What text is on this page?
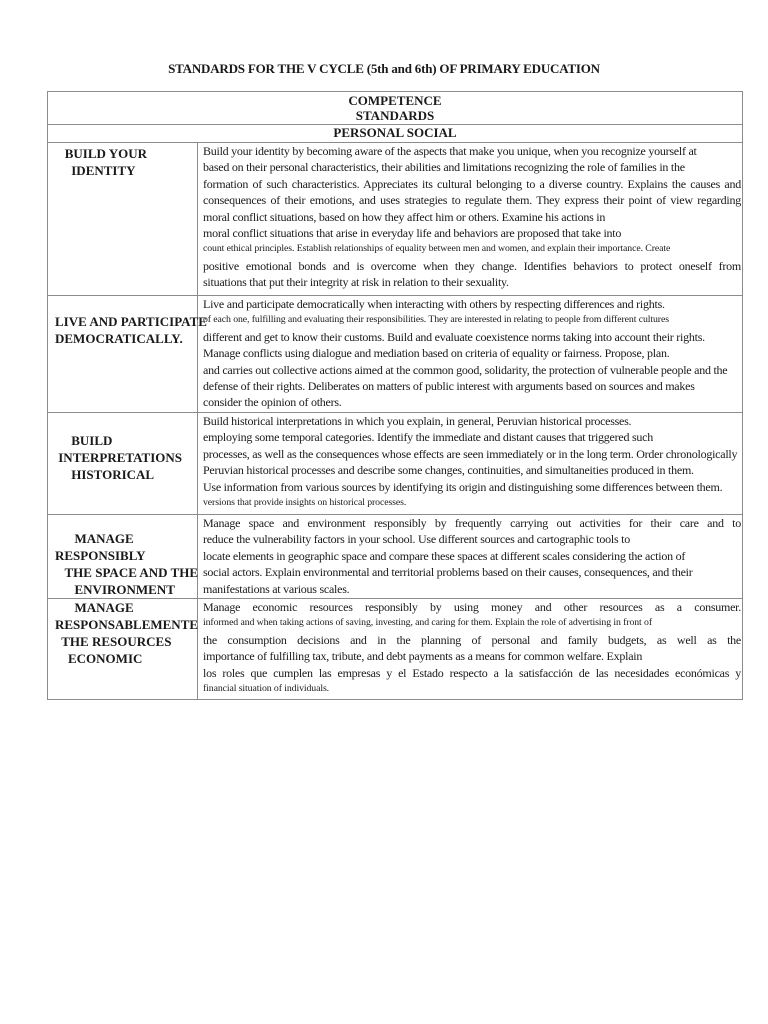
STANDARDS FOR THE V CYCLE (5th and 6th) OF PRIMARY EDUCATION
COMPETENCE
STANDARDS
PERSONAL SOCIAL
BUILD YOUR
IDENTITY
Build your identity by becoming aware of the aspects that make you unique, when you recognize yourself at
based on their personal characteristics, their abilities and limitations recognizing the role of families in the
formation of such characteristics. Appreciates its cultural belonging to a diverse country. Explains the causes and
consequences of their emotions, and uses strategies to regulate them. They express their point of view regarding
moral conflict situations, based on how they affect him or others. Examine his actions in
moral conflict situations that arise in everyday life and behaviors are proposed that take into
count ethical principles. Establish relationships of equality between men and women, and explain their importance. Create
positive emotional bonds and is overcome when they change. Identifies behaviors to protect oneself from
situations that put their integrity at risk in relation to their sexuality.
LIVE AND PARTICIPATE
DEMOCRATICALLY.
Live and participate democratically when interacting with others by respecting differences and rights.
of each one, fulfilling and evaluating their responsibilities. They are interested in relating to people from different cultures
different and get to know their customs. Build and evaluate coexistence norms taking into account their rights.
Manage conflicts using dialogue and mediation based on criteria of equality or fairness. Propose, plan.
and carries out collective actions aimed at the common good, solidarity, the protection of vulnerable people and the
defense of their rights. Deliberates on matters of public interest with arguments based on sources and makes
consider the opinion of others.

BUILD
INTERPRETATIONS
HISTORICAL
Build historical interpretations in which you explain, in general, Peruvian historical processes.
employing some temporal categories. Identify the immediate and distant causes that triggered such
processes, as well as the consequences whose effects are seen immediately or in the long term. Order chronologically
Peruvian historical processes and describe some changes, continuities, and simultaneities produced in them.
Use information from various sources by identifying its origin and distinguishing some differences between them.
versions that provide insights on historical processes.
MANAGE
RESPONSIBLY
THE SPACE AND THE
ENVIRONMENT
Manage space and environment responsibly by frequently carrying out activities for their care and to
reduce the vulnerability factors in your school. Use different sources and cartographic tools to
locate elements in geographic space and compare these spaces at different scales considering the action of
social actors. Explain environmental and territorial problems based on their causes, consequences, and their
manifestations at various scales.
MANAGE
RESPONSABLEMENTE
THE RESOURCES
ECONOMIC
Manage economic resources responsibly by using money and other resources as a consumer.
informed and when taking actions of saving, investing, and caring for them. Explain the role of advertising in front of
the consumption decisions and in the planning of personal and family budgets, as well as the
importance of fulfilling tax, tribute, and debt payments as a means for common welfare. Explain
los roles que cumplen las empresas y el Estado respecto a la satisfacción de las necesidades económicas y
financial situation of individuals.
